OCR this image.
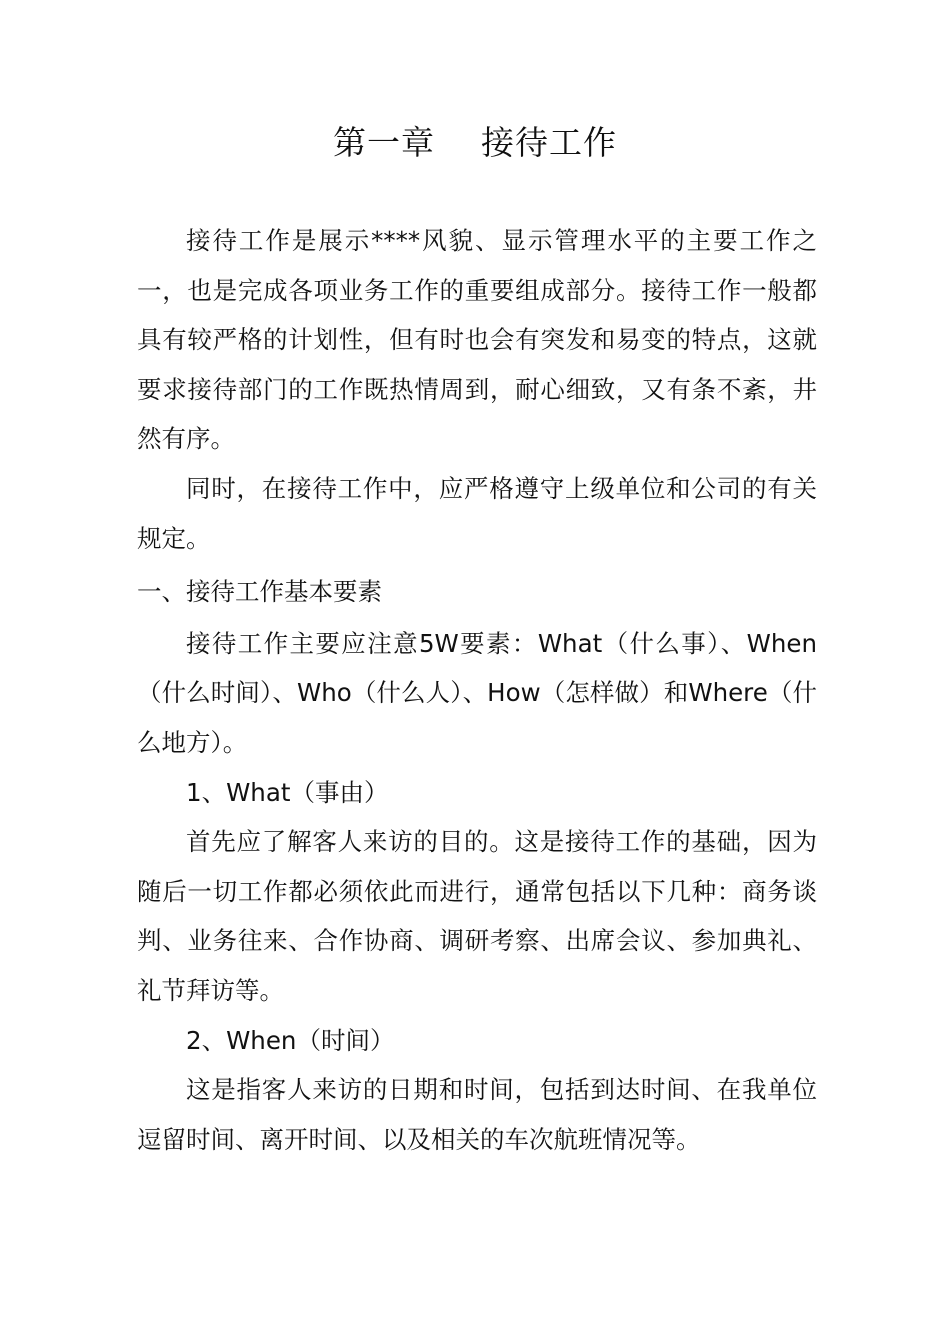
第一章    接待工作

接待工作是展示****风貌、显示管理水平的主要工作之一，也是完成各项业务工作的重要组成部分。接待工作一般都具有较严格的计划性，但有时也会有突发和易变的特点，这就要求接待部门的工作既热情周到，耐心细致，又有条不紊，井然有序。

同时，在接待工作中，应严格遵守上级单位和公司的有关规定。

一、接待工作基本要素

接待工作主要应注意5W要素：What（什么事）、When（什么时间）、Who（什么人）、How（怎样做）和Where（什么地方）。

1、What（事由）

首先应了解客人来访的目的。这是接待工作的基础，因为随后一切工作都必须依此而进行，通常包括以下几种：商务谈判、业务往来、合作协商、调研考察、出席会议、参加典礼、礼节拜访等。

2、When（时间）

这是指客人来访的日期和时间，包括到达时间、在我单位逗留时间、离开时间、以及相关的车次航班情况等。
